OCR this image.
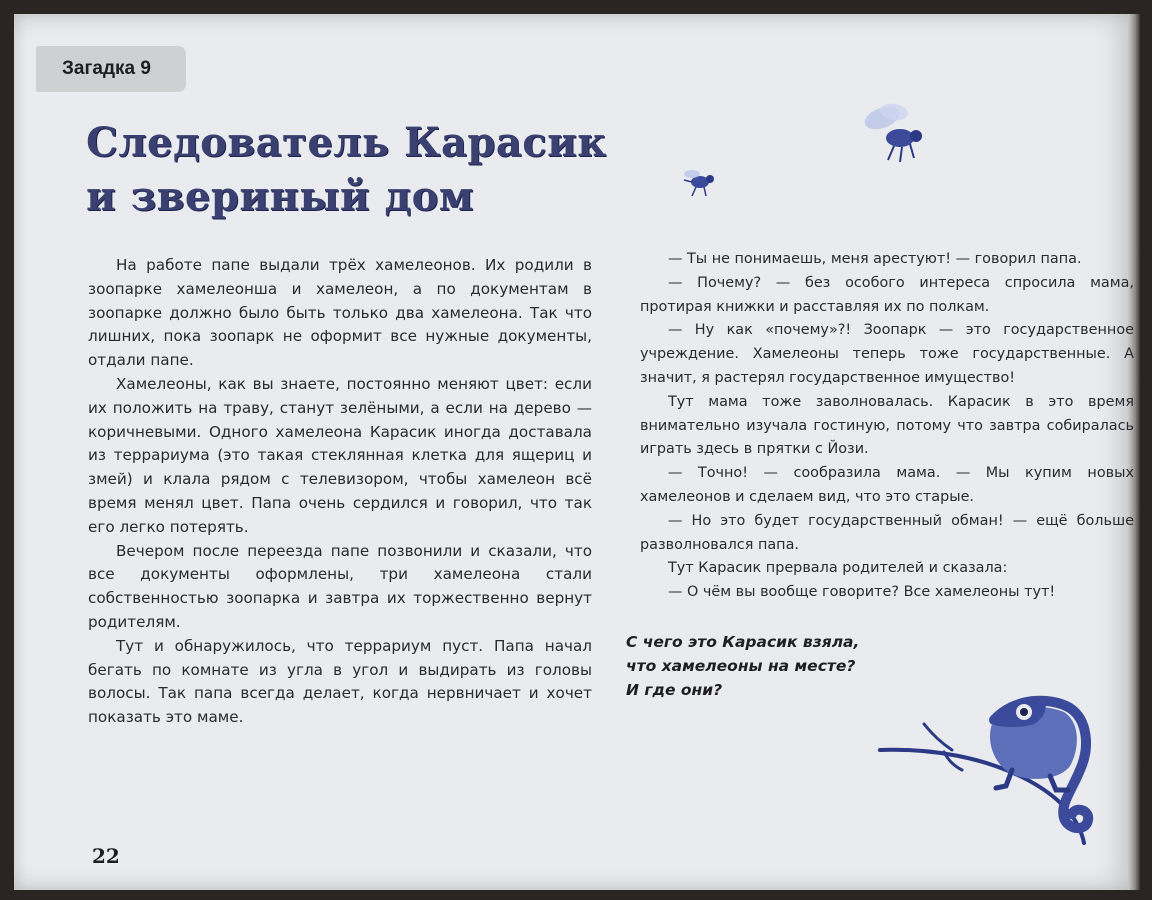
Загадка 9
Следователь Карасик
и звериный дом

На работе папе выдали трёх хамелеонов. Их родили в зоопарке хамелеонша и хамелеон, а по документам в зоопарке должно было быть только два хамелеона. Так что лишних, пока зоопарк не оформит все нужные документы, отдали папе.

Хамелеоны, как вы знаете, постоянно меняют цвет: если их положить на траву, станут зелёными, а если на дерево — коричневыми. Одного хамелеона Карасик иногда доставала из террариума (это такая стеклянная клетка для ящериц и змей) и клала рядом с телевизором, чтобы хамелеон всё время менял цвет. Папа очень сердился и говорил, что так его легко потерять.

Вечером после переезда папе позвонили и сказали, что все документы оформлены, три хамелеона стали собственностью зоопарка и завтра их торжественно вернут родителям.

Тут и обнаружилось, что террариум пуст. Папа начал бегать по комнате из угла в угол и выдирать из головы волосы. Так папа всегда делает, когда нервничает и хочет показать это маме.

— Ты не понимаешь, меня арестуют! — говорил папа.

— Почему? — без особого интереса спросила мама, протирая книжки и расставляя их по полкам.

— Ну как «почему»?! Зоопарк — это государственное учреждение. Хамелеоны теперь тоже государственные. А значит, я растерял государственное имущество!

Тут мама тоже заволновалась. Карасик в это время внимательно изучала гостиную, потому что завтра собиралась играть здесь в прятки с Йози.

— Точно! — сообразила мама. — Мы купим новых хамелеонов и сделаем вид, что это старые.

— Но это будет государственный обман! — ещё больше разволновался папа.

Тут Карасик прервала родителей и сказала:

— О чём вы вообще говорите? Все хамелеоны тут!

С чего это Карасик взяла,
что хамелеоны на месте?
И где они?
22
